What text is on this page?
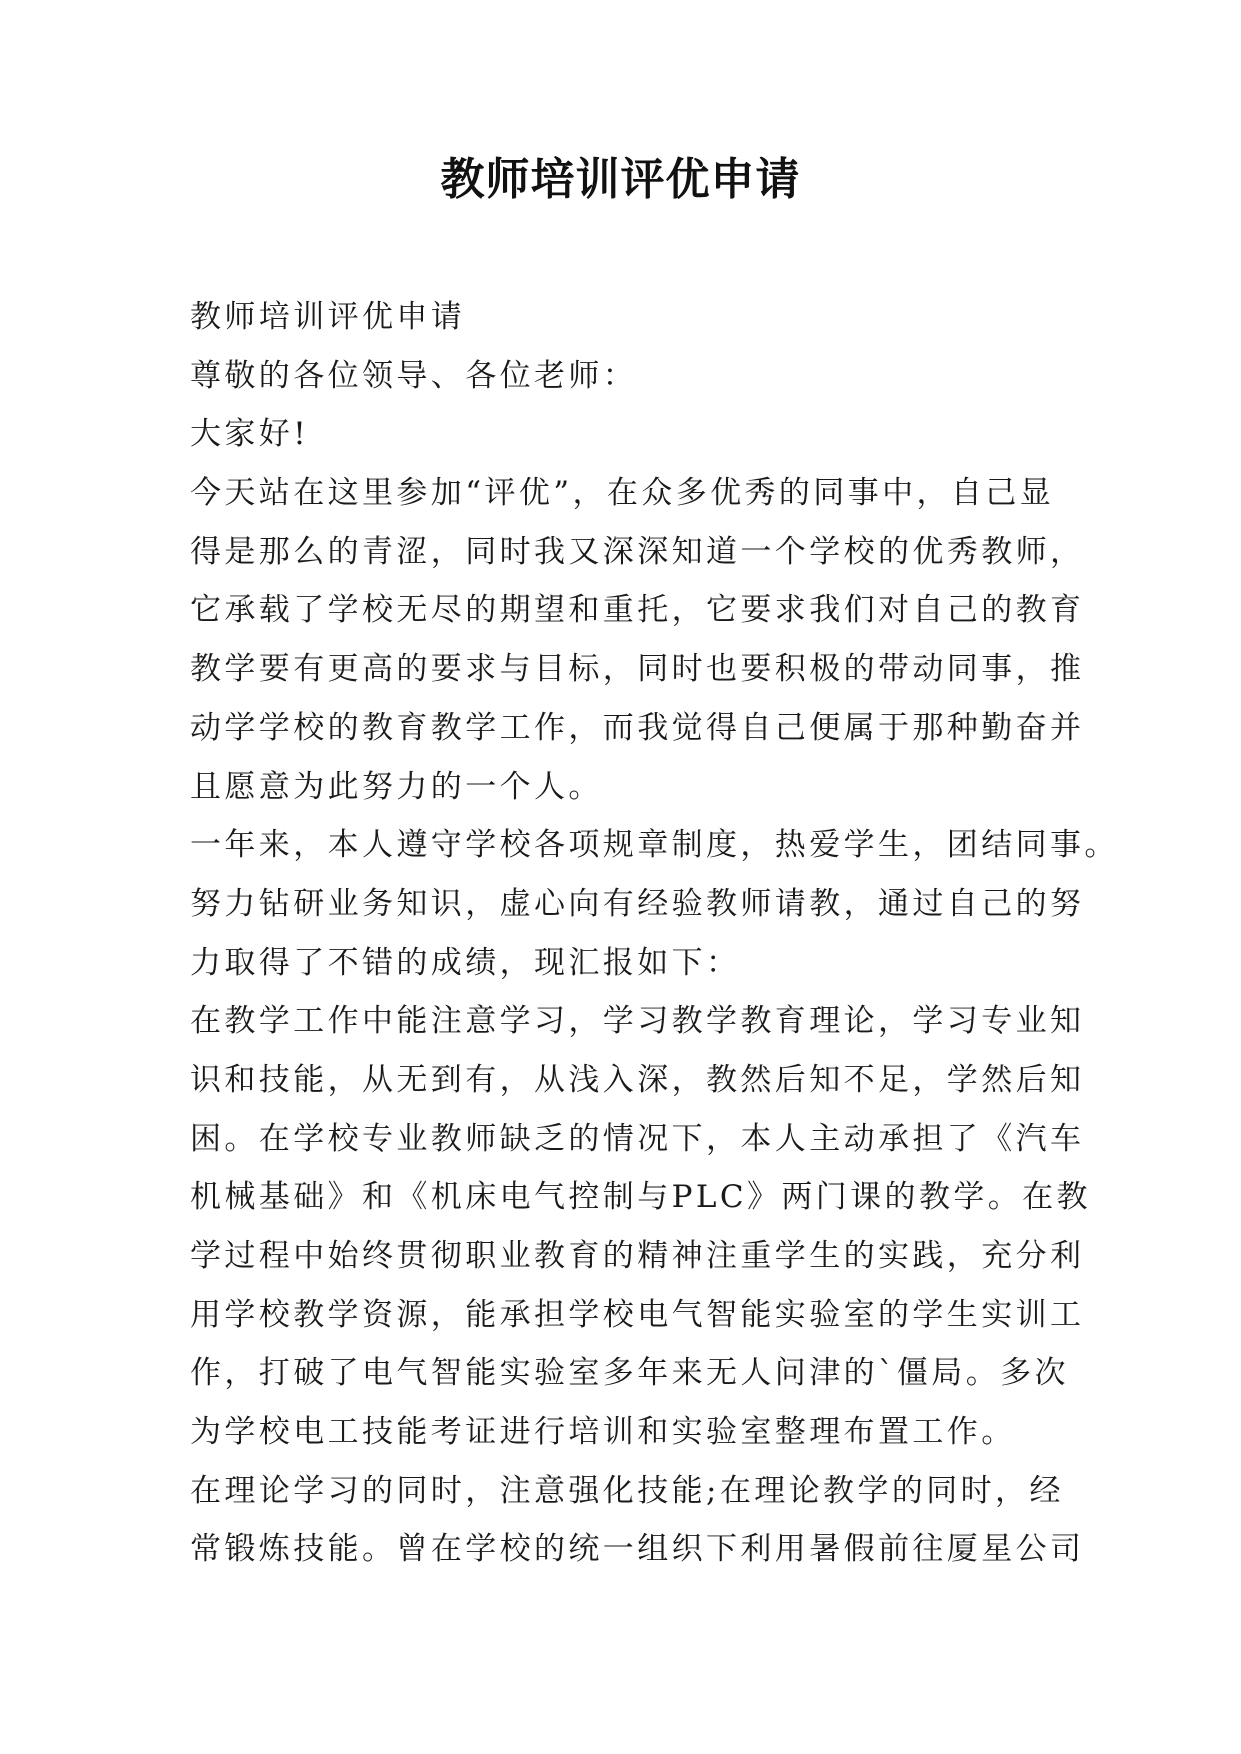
教师培训评优申请
教师培训评优申请
尊敬的各位领导、各位老师：
大家好!
今天站在这里参加“评优”，在众多优秀的同事中，自己显
得是那么的青涩，同时我又深深知道一个学校的优秀教师，
它承载了学校无尽的期望和重托，它要求我们对自己的教育
教学要有更高的要求与目标，同时也要积极的带动同事，推
动学学校的教育教学工作，而我觉得自己便属于那种勤奋并
且愿意为此努力的一个人。
一年来，本人遵守学校各项规章制度，热爱学生，团结同事。
努力钻研业务知识，虚心向有经验教师请教，通过自己的努
力取得了不错的成绩，现汇报如下：
在教学工作中能注意学习，学习教学教育理论，学习专业知
识和技能，从无到有，从浅入深，教然后知不足，学然后知
困。在学校专业教师缺乏的情况下，本人主动承担了《汽车
机械基础》和《机床电气控制与PLC》两门课的教学。在教
学过程中始终贯彻职业教育的精神注重学生的实践，充分利
用学校教学资源，能承担学校电气智能实验室的学生实训工
作，打破了电气智能实验室多年来无人问津的`僵局。多次
为学校电工技能考证进行培训和实验室整理布置工作。
在理论学习的同时，注意强化技能;在理论教学的同时，经
常锻炼技能。曾在学校的统一组织下利用暑假前往厦星公司
